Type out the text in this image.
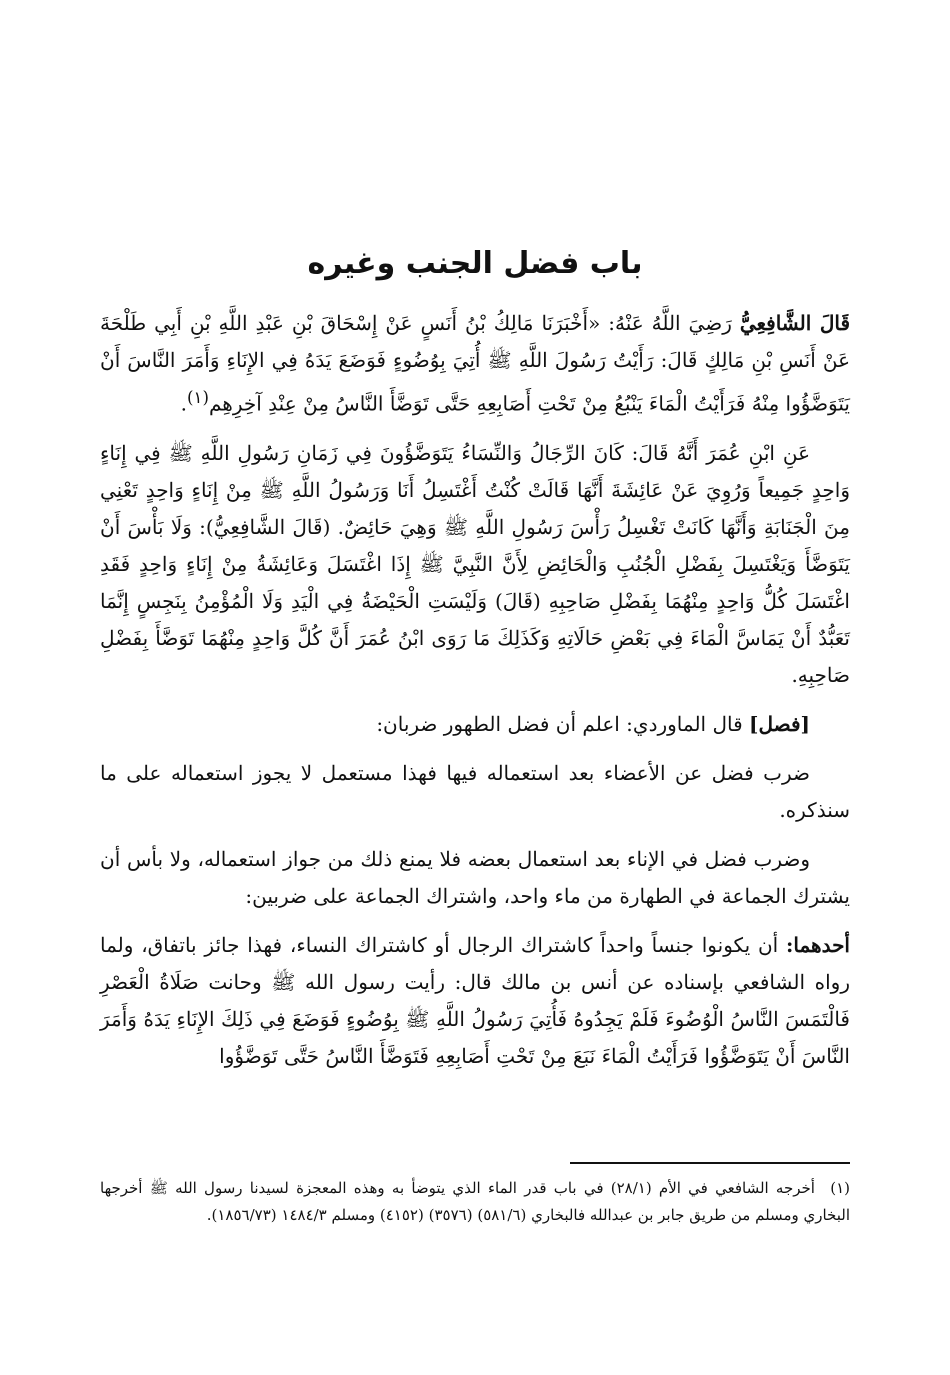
باب فضل الجنب وغيره

قَالَ الشَّافِعِيُّ رَضِيَ اللَّهُ عَنْهُ: «أَخْبَرَنَا مَالِكُ بْنُ أَنَسٍ عَنْ إِسْحَاقَ بْنِ عَبْدِ اللَّهِ بْنِ أَبِي طَلْحَةَ عَنْ أَنَسِ بْنِ مَالِكٍ قَالَ: رَأَيْتُ رَسُولَ اللَّهِ ﷺ أُتِيَ بِوُضُوءٍ فَوَضَعَ يَدَهُ فِي الإِنَاءِ وَأَمَرَ النَّاسَ أَنْ يَتَوَضَّؤُوا مِنْهُ فَرَأَيْتُ الْمَاءَ يَنْبُعُ مِنْ تَحْتِ أَصَابِعِهِ حَتَّى تَوَضَّأَ النَّاسُ مِنْ عِنْدِ آخِرِهِم$^{(١)}$.

عَنِ ابْنِ عُمَرَ أَنَّهُ قَالَ: كَانَ الرِّجَالُ وَالنِّسَاءُ يَتَوَضَّؤُونَ فِي زَمَانِ رَسُولِ اللَّهِ ﷺ فِي إِنَاءٍ وَاحِدٍ جَمِيعاً وَرُوِيَ عَنْ عَائِشَةَ أَنَّهَا قَالَتْ كُنْتُ أَغْتَسِلُ أَنَا وَرَسُولُ اللَّهِ ﷺ مِنْ إِنَاءٍ وَاحِدٍ تَعْنِي مِنَ الْجَنَابَةِ وَأَنَّهَا كَانَتْ تَغْسِلُ رَأْسَ رَسُولِ اللَّهِ ﷺ وَهِيَ حَائِضٌ. (قَالَ الشَّافِعِيُّ): وَلَا بَأْسَ أَنْ يَتَوَضَّأَ وَيَغْتَسِلَ بِفَضْلِ الْجُنُبِ وَالْحَائِضِ لِأَنَّ النَّبِيَّ ﷺ إِذَا اغْتَسَلَ وَعَائِشَةُ مِنْ إِنَاءٍ وَاحِدٍ فَقَدِ اغْتَسَلَ كُلُّ وَاحِدٍ مِنْهُمَا بِفَضْلِ صَاحِبِهِ (قَالَ) وَلَيْسَتِ الْحَيْضَةُ فِي الْيَدِ وَلَا الْمُؤْمِنُ بِنَجِسٍ إِنَّمَا تَعَبُّدٌ أَنْ يَمَاسَّ الْمَاءَ فِي بَعْضِ حَالَاتِهِ وَكَذَلِكَ مَا رَوَى ابْنُ عُمَرَ أَنَّ كُلَّ وَاحِدٍ مِنْهُمَا تَوَضَّأَ بِفَضْلِ صَاحِبِهِ.

[فصل] قال الماوردي: اعلم أن فضل الطهور ضربان:

ضرب فضل عن الأعضاء بعد استعماله فيها فهذا مستعمل لا يجوز استعماله على ما سنذكره.

وضرب فضل في الإناء بعد استعمال بعضه فلا يمنع ذلك من جواز استعماله، ولا بأس أن يشترك الجماعة في الطهارة من ماء واحد، واشتراك الجماعة على ضربين:

أحدهما: أن يكونوا جنساً واحداً كاشتراك الرجال أو كاشتراك النساء، فهذا جائز باتفاق، ولما رواه الشافعي بإسناده عن أنس بن مالك قال: رأيت رسول الله ﷺ وحانت صَلَاةُ الْعَصْرِ فَالْتَمَسَ النَّاسُ الْوُضُوءَ فَلَمْ يَجِدُوهُ فَأُتِيَ رَسُولُ اللَّهِ ﷺ بِوُضُوءٍ فَوَضَعَ فِي ذَلِكَ الإِنَاءِ يَدَهُ وَأَمَرَ النَّاسَ أَنْ يَتَوَضَّؤُوا فَرَأَيْتُ الْمَاءَ نَبَعَ مِنْ تَحْتِ أَصَابِعِهِ فَتَوَضَّأَ النَّاسُ حَتَّى تَوَضَّؤُوا

(١) أخرجه الشافعي في الأم (٢٨/١) في باب قدر الماء الذي يتوضأ به وهذه المعجزة لسيدنا رسول الله ﷺ أخرجها البخاري ومسلم من طريق جابر بن عبدالله فالبخاري (٥٨١/٦) (٣٥٧٦) (٤١٥٢) ومسلم ١٤٨٤/٣ (١٨٥٦/٧٣).
